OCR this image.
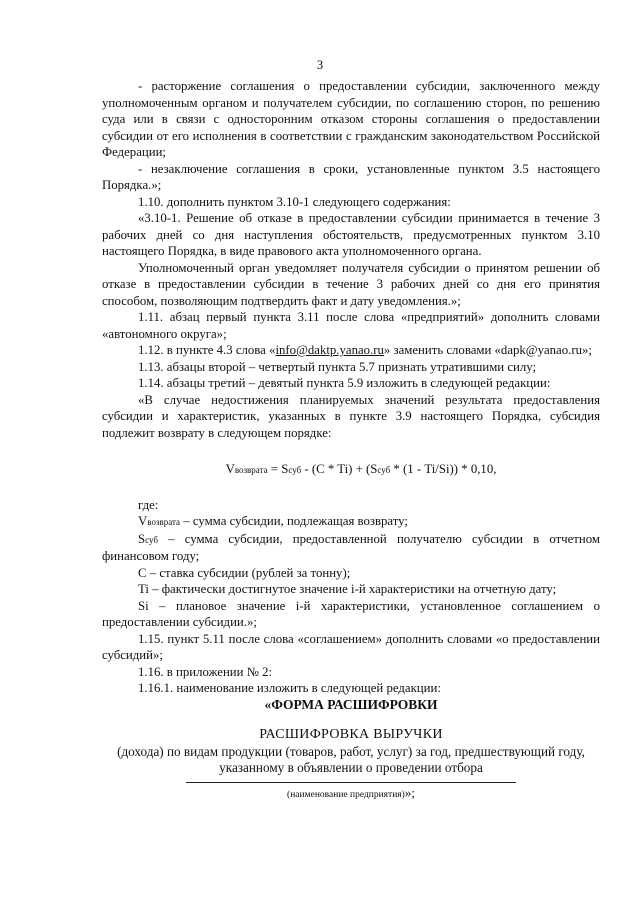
3

- расторжение соглашения о предоставлении субсидии, заключенного между уполномоченным органом и получателем субсидии, по соглашению сторон, по решению суда или в связи с односторонним отказом стороны соглашения о предоставлении субсидии от его исполнения в соответствии с гражданским законодательством Российской Федерации;

- незаключение соглашения в сроки, установленные пунктом 3.5 настоящего Порядка.»;

1.10. дополнить пунктом 3.10-1 следующего содержания:

«3.10-1. Решение об отказе в предоставлении субсидии принимается в течение 3 рабочих дней со дня наступления обстоятельств, предусмотренных пунктом 3.10 настоящего Порядка, в виде правового акта уполномоченного органа.

Уполномоченный орган уведомляет получателя субсидии о принятом решении об отказе в предоставлении субсидии в течение 3 рабочих дней со дня его принятия способом, позволяющим подтвердить факт и дату уведомления.»;

1.11. абзац первый пункта 3.11 после слова «предприятий» дополнить словами «автономного округа»;

1.12. в пункте 4.3 слова «info@daktp.yanao.ru» заменить словами «dapk@yanao.ru»;

1.13. абзацы второй – четвертый пункта 5.7 признать утратившими силу;

1.14. абзацы третий – девятый пункта 5.9 изложить в следующей редакции:

«В случае недостижения планируемых значений результата предоставления субсидии и характеристик, указанных в пункте 3.9 настоящего Порядка, субсидия подлежит возврату в следующем порядке:

Vвозврата = Sсуб - (C * Ti) + (Sсуб * (1 - Ti/Si)) * 0,10,

где:

Vвозврата – сумма субсидии, подлежащая возврату;

Sсуб – сумма субсидии, предоставленной получателю субсидии в отчетном финансовом году;

С – ставка субсидии (рублей за тонну);

Ti – фактически достигнутое значение i-й характеристики на отчетную дату;

Si – плановое значение i-й характеристики, установленное соглашением о предоставлении субсидии.»;

1.15. пункт 5.11 после слова «соглашением» дополнить словами «о предоставлении субсидий»;

1.16. в приложении № 2:

1.16.1. наименование изложить в следующей редакции:

«ФОРМА РАСШИФРОВКИ
РАСШИФРОВКА ВЫРУЧКИ
(дохода) по видам продукции (товаров, работ, услуг) за год, предшествующий году, указанному в объявлении о проведении отбора
(наименование предприятия)»;
